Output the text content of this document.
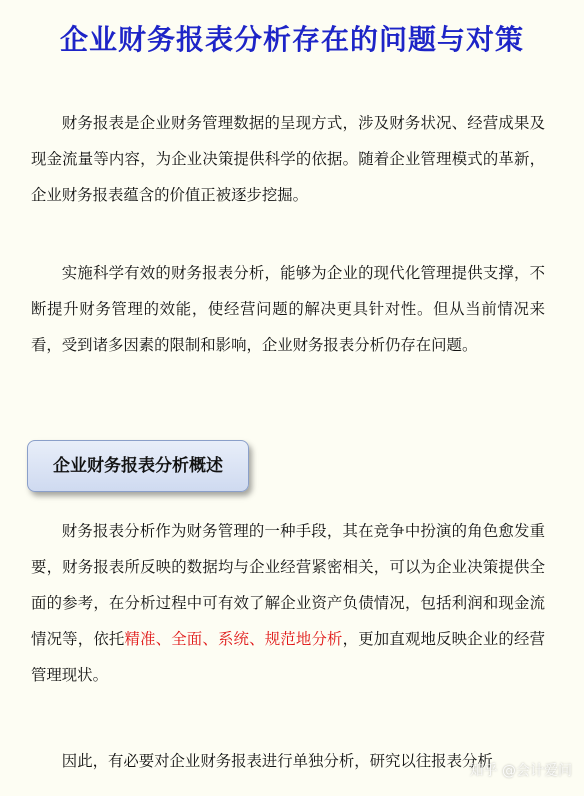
企业财务报表分析存在的问题与对策

财务报表是企业财务管理数据的呈现方式，涉及财务状况、经营成果及现金流量等内容，为企业决策提供科学的依据。随着企业管理模式的革新，企业财务报表蕴含的价值正被逐步挖掘。

实施科学有效的财务报表分析，能够为企业的现代化管理提供支撑，不断提升财务管理的效能，使经营问题的解决更具针对性。但从当前情况来看，受到诸多因素的限制和影响，企业财务报表分析仍存在问题。

企业财务报表分析概述

财务报表分析作为财务管理的一种手段，其在竞争中扮演的角色愈发重要，财务报表所反映的数据均与企业经营紧密相关，可以为企业决策提供全面的参考，在分析过程中可有效了解企业资产负债情况，包括利润和现金流情况等，依托精准、全面、系统、规范地分析，更加直观地反映企业的经营管理现状。

因此，有必要对企业财务报表进行单独分析，研究以往报表分析

知乎 @会计爱问
